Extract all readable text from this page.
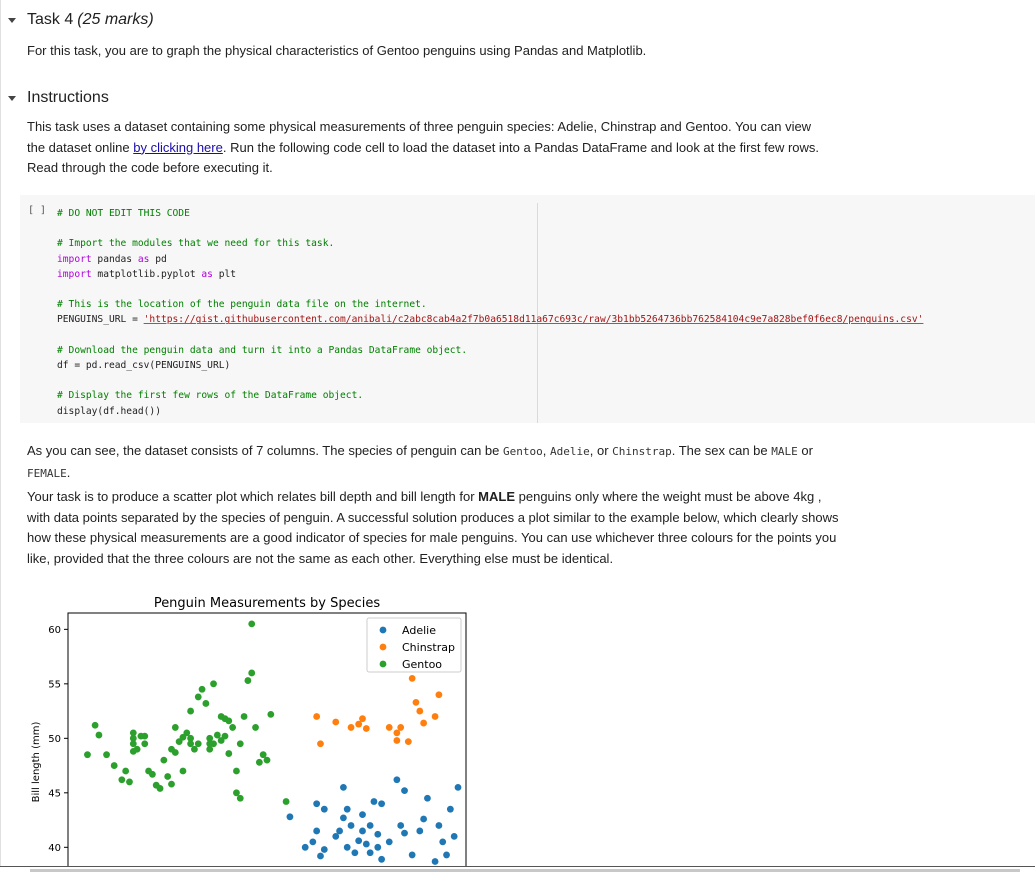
Task 4 (25 marks)
For this task, you are to graph the physical characteristics of Gentoo penguins using Pandas and Matplotlib.
Instructions
This task uses a dataset containing some physical measurements of three penguin species: Adelie, Chinstrap and Gentoo. You can view the dataset online by clicking here. Run the following code cell to load the dataset into a Pandas DataFrame and look at the first few rows. Read through the code before executing it.
[ ] # DO NOT EDIT THIS CODE

# Import the modules that we need for this task.
import pandas as pd
import matplotlib.pyplot as plt

# This is the location of the penguin data file on the internet.
PENGUINS_URL = 'https://gist.githubusercontent.com/anibali/c2abc8cab4a2f7b0a6518d11a67c693c/raw/3b1bb5264736bb762584104c9e7a828bef0f6ec8/penguins.csv'

# Download the penguin data and turn it into a Pandas DataFrame object.
df = pd.read_csv(PENGUINS_URL)

# Display the first few rows of the DataFrame object.
display(df.head())
As you can see, the dataset consists of 7 columns. The species of penguin can be Gentoo, Adelie, or Chinstrap. The sex can be MALE or FEMALE.
Your task is to produce a scatter plot which relates bill depth and bill length for MALE penguins only where the weight must be above 4kg , with data points separated by the species of penguin. A successful solution produces a plot similar to the example below, which clearly shows how these physical measurements are a good indicator of species for male penguins. You can use whichever three colours for the points you like, provided that the three colours are not the same as each other. Everything else must be identical.
Penguin Measurements by Species
Bill length (mm)
40
45
50
55
60	Adelie
Chinstrap
Gentoo
